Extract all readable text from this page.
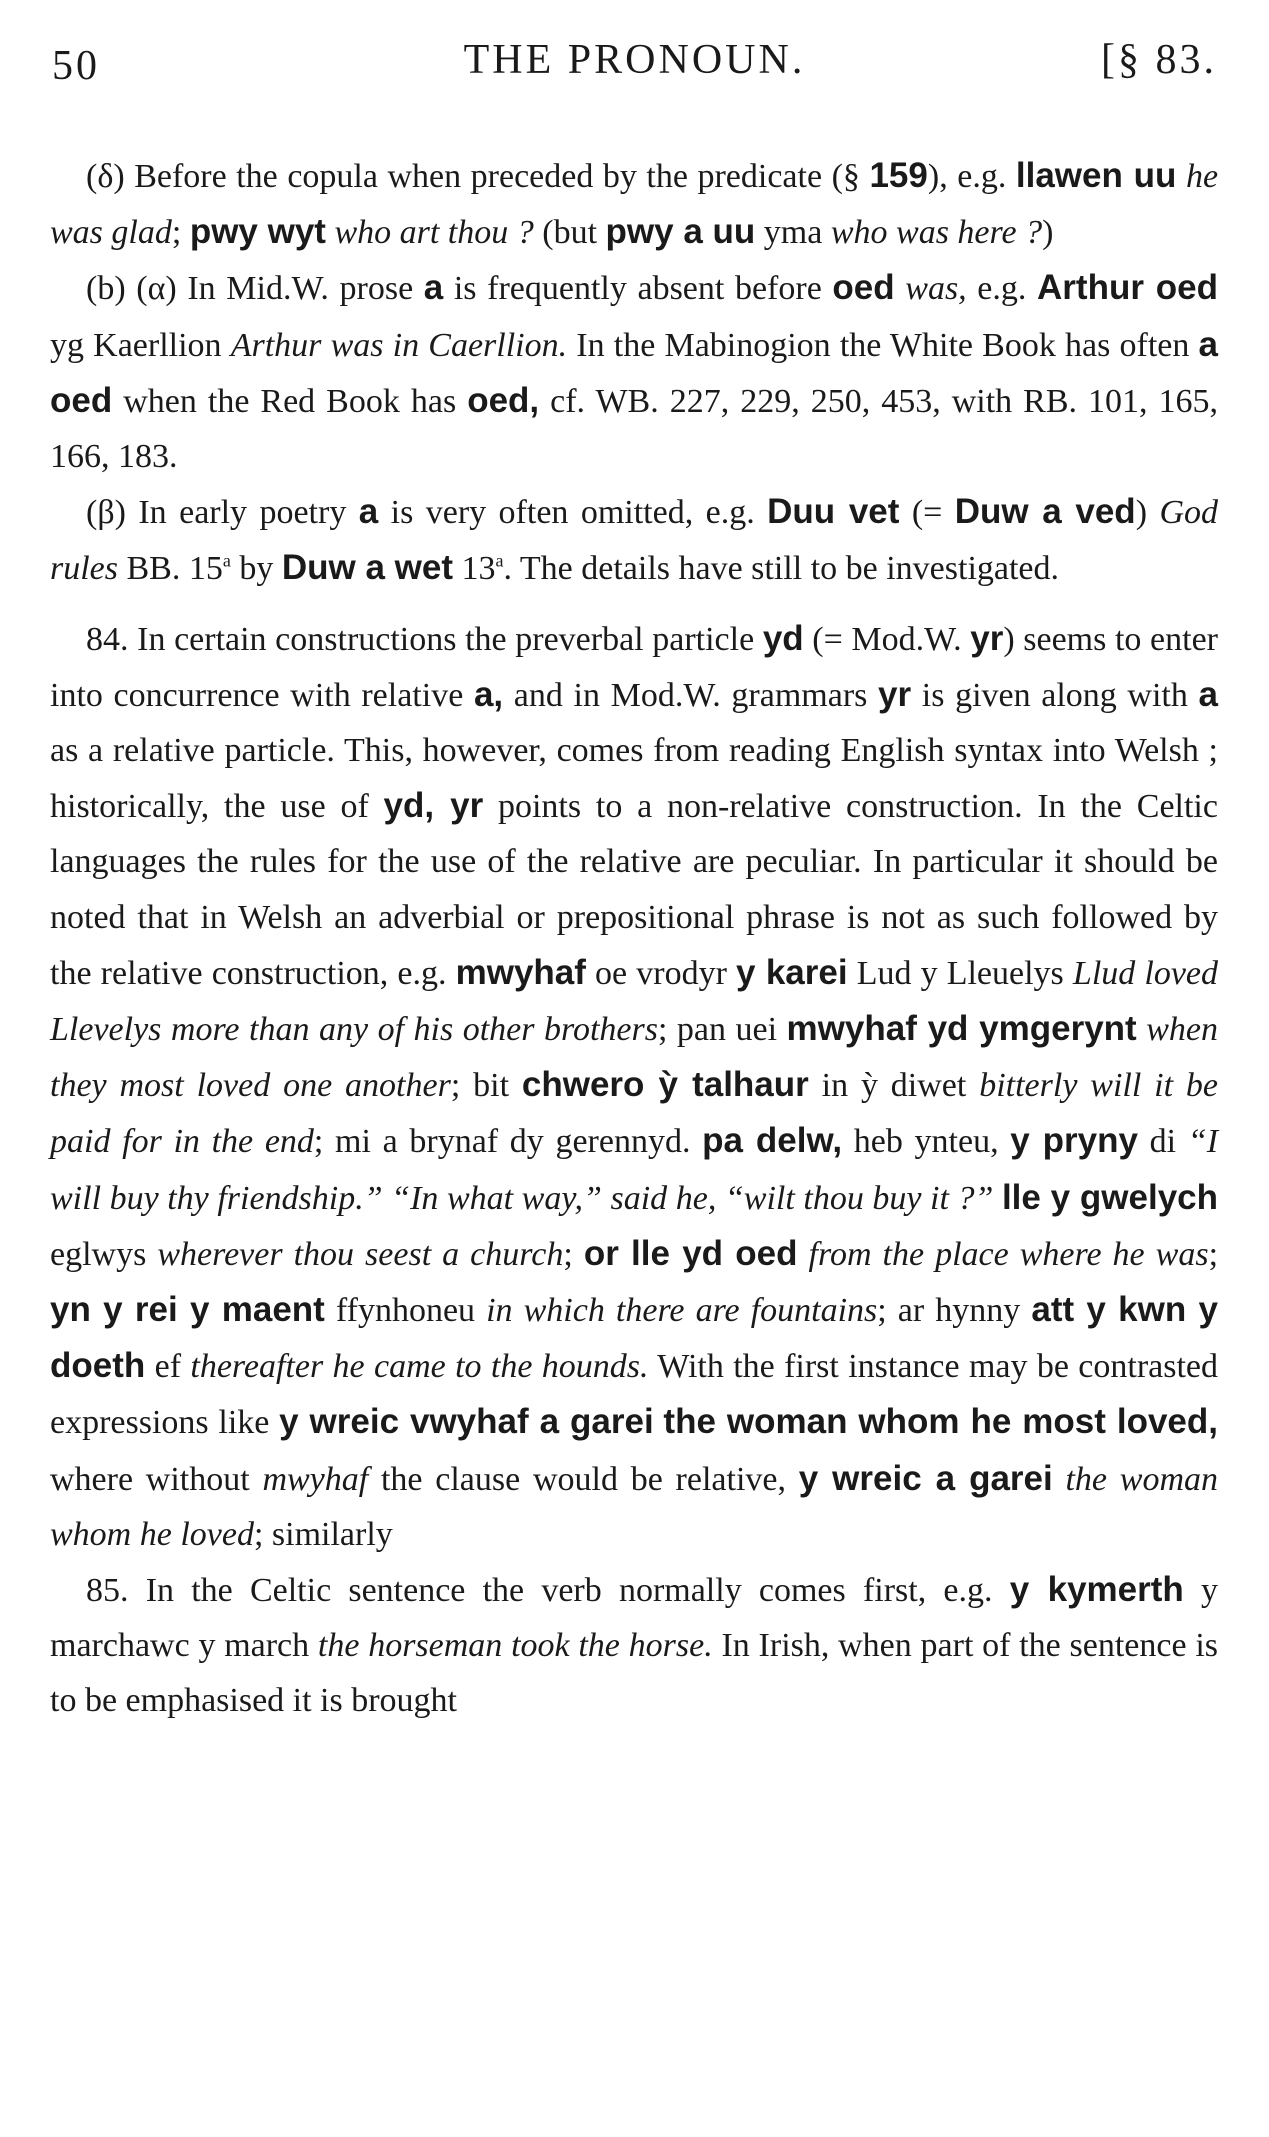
50	THE PRONOUN.	[§ 83.

(δ) Before the copula when preceded by the predicate (§ 159), e.g. llawen uu he was glad; pwy wyt who art thou ? (but pwy a uu yma who was here ?)

(b) (α) In Mid.W. prose a is frequently absent before oed was, e.g. Arthur oed yg Kaerllion Arthur was in Caerllion. In the Mabinogion the White Book has often a oed when the Red Book has oed, cf. WB. 227, 229, 250, 453, with RB. 101, 165, 166, 183.

(β) In early poetry a is very often omitted, e.g. Duu vet (= Duw a ved) God rules BB. 15$^a$ by Duw a wet 13$^a$. The details have still to be investigated.

84. In certain constructions the preverbal particle yd (= Mod.W. yr) seems to enter into concurrence with relative a, and in Mod.W. grammars yr is given along with a as a relative particle. This, however, comes from reading English syntax into Welsh ; historically, the use of yd, yr points to a non-relative construction. In the Celtic languages the rules for the use of the relative are peculiar. In particular it should be noted that in Welsh an adverbial or prepositional phrase is not as such followed by the relative construction, e.g. mwyhaf oe vrodyr y karei Lud y Lleuelys Llud loved Llevelys more than any of his other brothers; pan uei mwyhaf yd ymgerynt when they most loved one another; bit chwero ỳ talhaur in ỳ diwet bitterly will it be paid for in the end; mi a brynaf dy gerennyd. pa delw, heb ynteu, y pryny di “I will buy thy friendship.” “In what way,” said he, “wilt thou buy it ?” lle y gwelych eglwys wherever thou seest a church; or lle yd oed from the place where he was; yn y rei y maent ffynhoneu in which there are fountains; ar hynny att y kwn y doeth ef thereafter he came to the hounds. With the first instance may be contrasted expressions like y wreic vwyhaf a garei the woman whom he most loved, where without mwyhaf the clause would be relative, y wreic a garei the woman whom he loved; similarly

85. In the Celtic sentence the verb normally comes first, e.g. y kymerth y marchawc y march the horseman took the horse. In Irish, when part of the sentence is to be emphasised it is brought
